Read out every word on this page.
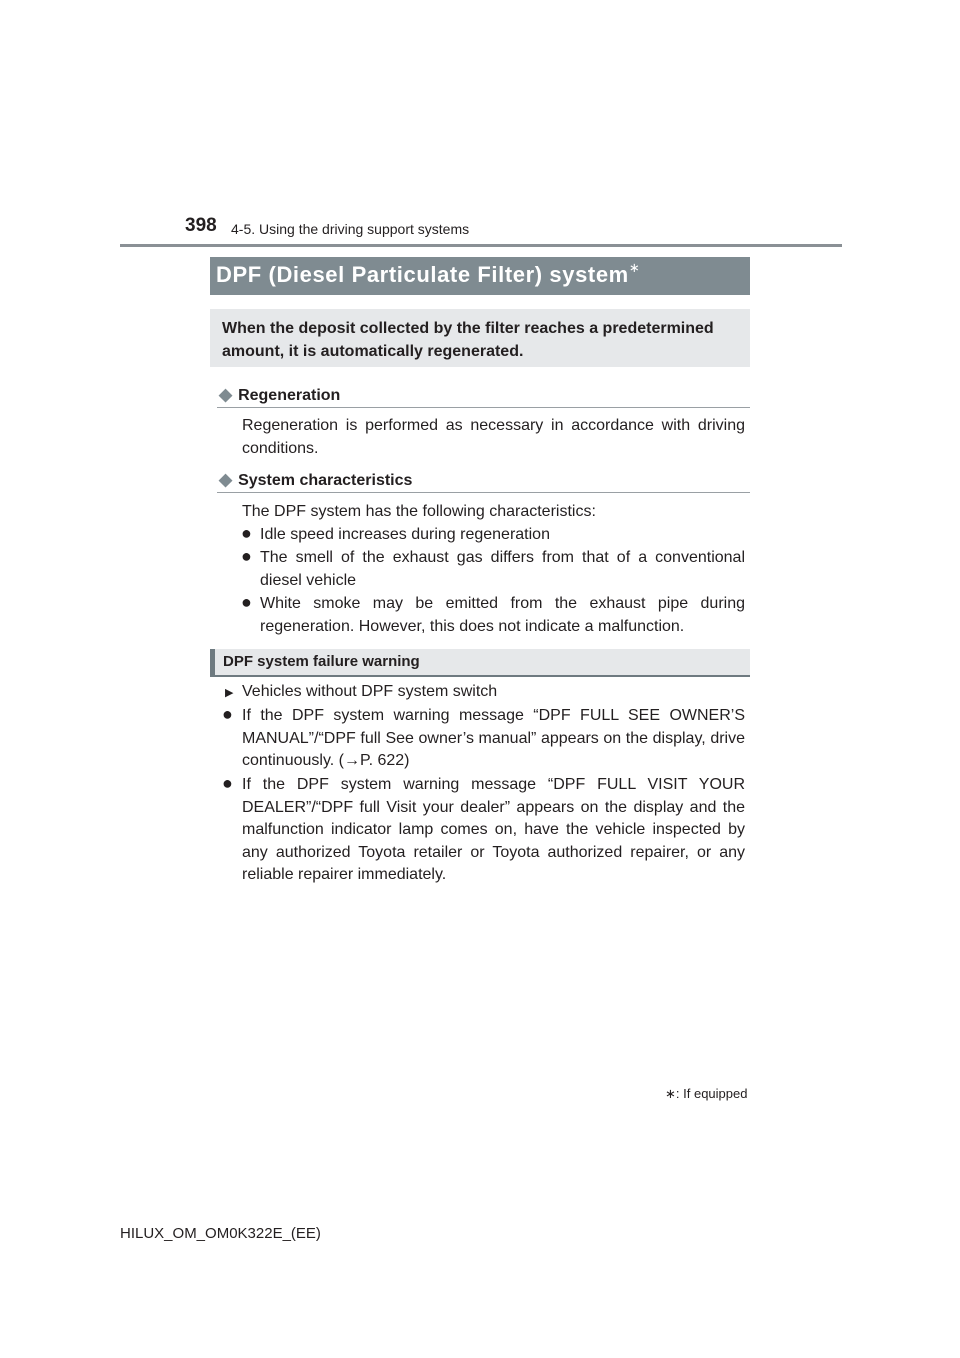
398 4-5. Using the driving support systems
DPF (Diesel Particulate Filter) system∗
When the deposit collected by the filter reaches a predetermined amount, it is automatically regenerated.
◆ Regeneration
Regeneration is performed as necessary in accordance with driving conditions.
◆ System characteristics
The DPF system has the following characteristics:
● Idle speed increases during regeneration
● The smell of the exhaust gas differs from that of a conventional diesel vehicle
● White smoke may be emitted from the exhaust pipe during regeneration. However, this does not indicate a malfunction.
DPF system failure warning
▶ Vehicles without DPF system switch
● If the DPF system warning message “DPF FULL SEE OWNER’S MANUAL”/“DPF full See owner’s manual” appears on the display, drive continuously. (→P. 622)
● If the DPF system warning message “DPF FULL VISIT YOUR DEALER”/“DPF full Visit your dealer” appears on the display and the malfunction indicator lamp comes on, have the vehicle inspected by any authorized Toyota retailer or Toyota authorized repairer, or any reliable repairer immediately.
∗: If equipped
HILUX_OM_OM0K322E_(EE)
